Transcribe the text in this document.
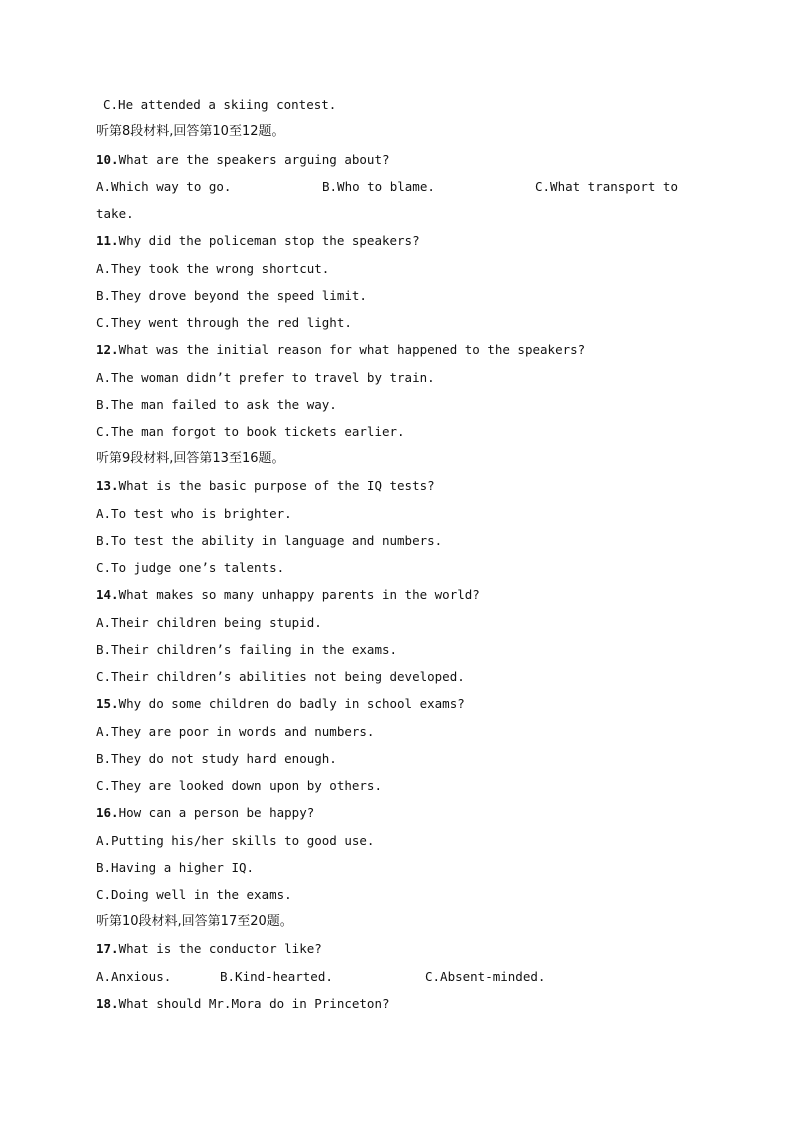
C.He attended a skiing contest.
听第8段材料,回答第10至12题。
10.What are the speakers arguing about?
A.Which way to go.	B.Who to blame.	C.What transport to
take.
11.Why did the policeman stop the speakers?
A.They took the wrong shortcut.
B.They drove beyond the speed limit.
C.They went through the red light.
12.What was the initial reason for what happened to the speakers?
A.The woman didn’t prefer to travel by train.
B.The man failed to ask the way.
C.The man forgot to book tickets earlier.
听第9段材料,回答第13至16题。
13.What is the basic purpose of the IQ tests?
A.To test who is brighter.
B.To test the ability in language and numbers.
C.To judge one’s talents.
14.What makes so many unhappy parents in the world?
A.Their children being stupid.
B.Their children’s failing in the exams.
C.Their children’s abilities not being developed.
15.Why do some children do badly in school exams?
A.They are poor in words and numbers.
B.They do not study hard enough.
C.They are looked down upon by others.
16.How can a person be happy?
A.Putting his/her skills to good use.
B.Having a higher IQ.
C.Doing well in the exams.
听第10段材料,回答第17至20题。
17.What is the conductor like?
A.Anxious.	B.Kind-hearted.	C.Absent-minded.
18.What should Mr.Mora do in Princeton?
